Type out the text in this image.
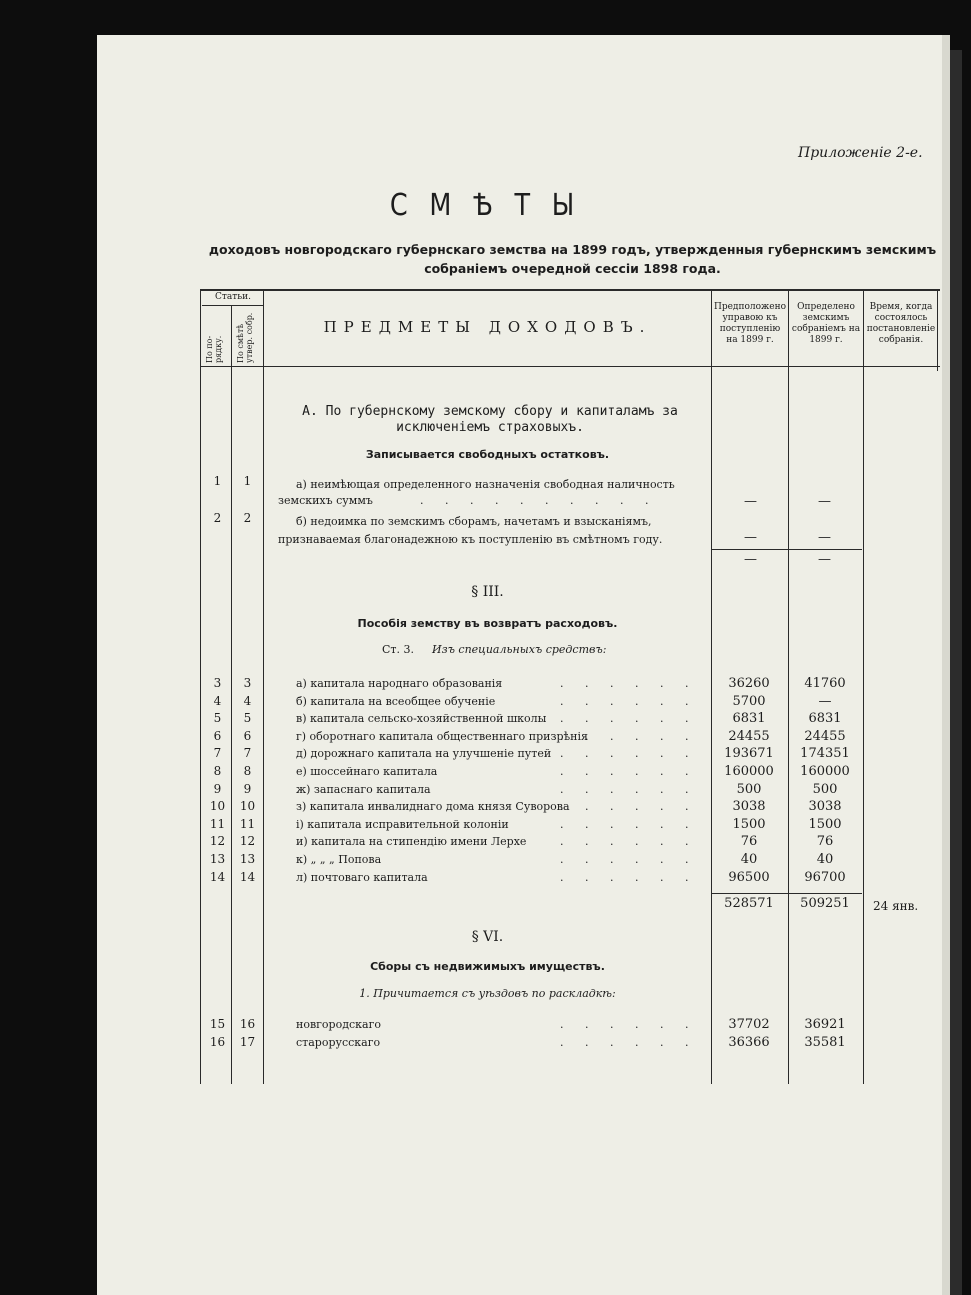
Приложенiе 2-е.
С М Ѣ Т Ы
доходовъ новгородскаго губернскаго земства на 1899 годъ, утвержденныя губернскимъ земскимъ собранiемъ очередной сессiи 1898 года.
Статьи.
По по- рядку. По смѣтѣ утвер. собр.	ПРЕДМЕТЫ ДОХОДОВЪ.
Предположено управою къ поступленiю на 1899 г.
Определено земскимъ собранiемъ на 1899 г.
Время, когда состоялось постановленiе собранiя.
А. По губернскому земскому сбору и капиталамъ за исключенiемъ страховыхъ.
Записывается свободныхъ остатковъ.
1	1	а) неимѣющая определенного назначенiя свободная наличность
земскихъ суммъ	. . . . . . . . . .	—	—
2	2	б) недоимка по земскимъ сборамъ, начетамъ и взысканiямъ,
признаваемая благонадежною къ поступленiю въ смѣтномъ году.	—	—
—	—
§ III.
Пособiя земству въ возвратъ расходовъ.
Ст. 3. Изъ специальныхъ средствъ:
3	3	а) капитала народнаго образованiя	36260	41760
. . . . . .
4	4	б) капитала на всеобщее обученiе	5700	—
. . . . . .
5	5	в) капитала сельско-хозяйственной школы	6831	6831
. . . . . .
6	6	г) оборотнаго капитала общественнаго призрѣнiя	24455	24455
. . . . . .
7	7	д) дорожнаго капитала на улучшенiе путей	193671	174351
. . . . . .
8	8	е) шоссейнаго капитала	160000	160000
. . . . . .
9	9	ж) запаснаго капитала	500	500
. . . . . .
10	10	з) капитала инвалиднаго дома князя Суворова	3038	3038
. . . . . .
11	11	i) капитала исправительной колонiи	1500	1500
. . . . . .
12	12	и) капитала на стипендiю имени Лерхе	76	76
. . . . . .
13	13	к) „ „ „ Попова	40	40
. . . . . .
14	14	л) почтоваго капитала	96500	96700
. . . . . .
528571	509251	24 янв.
§ VI.
Сборы съ недвижимыхъ имуществъ.
1. Причитается съ уѣздовъ по раскладкѣ:
15	16	новгородскаго	37702	36921
. . . . . .
16	17	старорусскаго	36366	35581
. . . . . .
